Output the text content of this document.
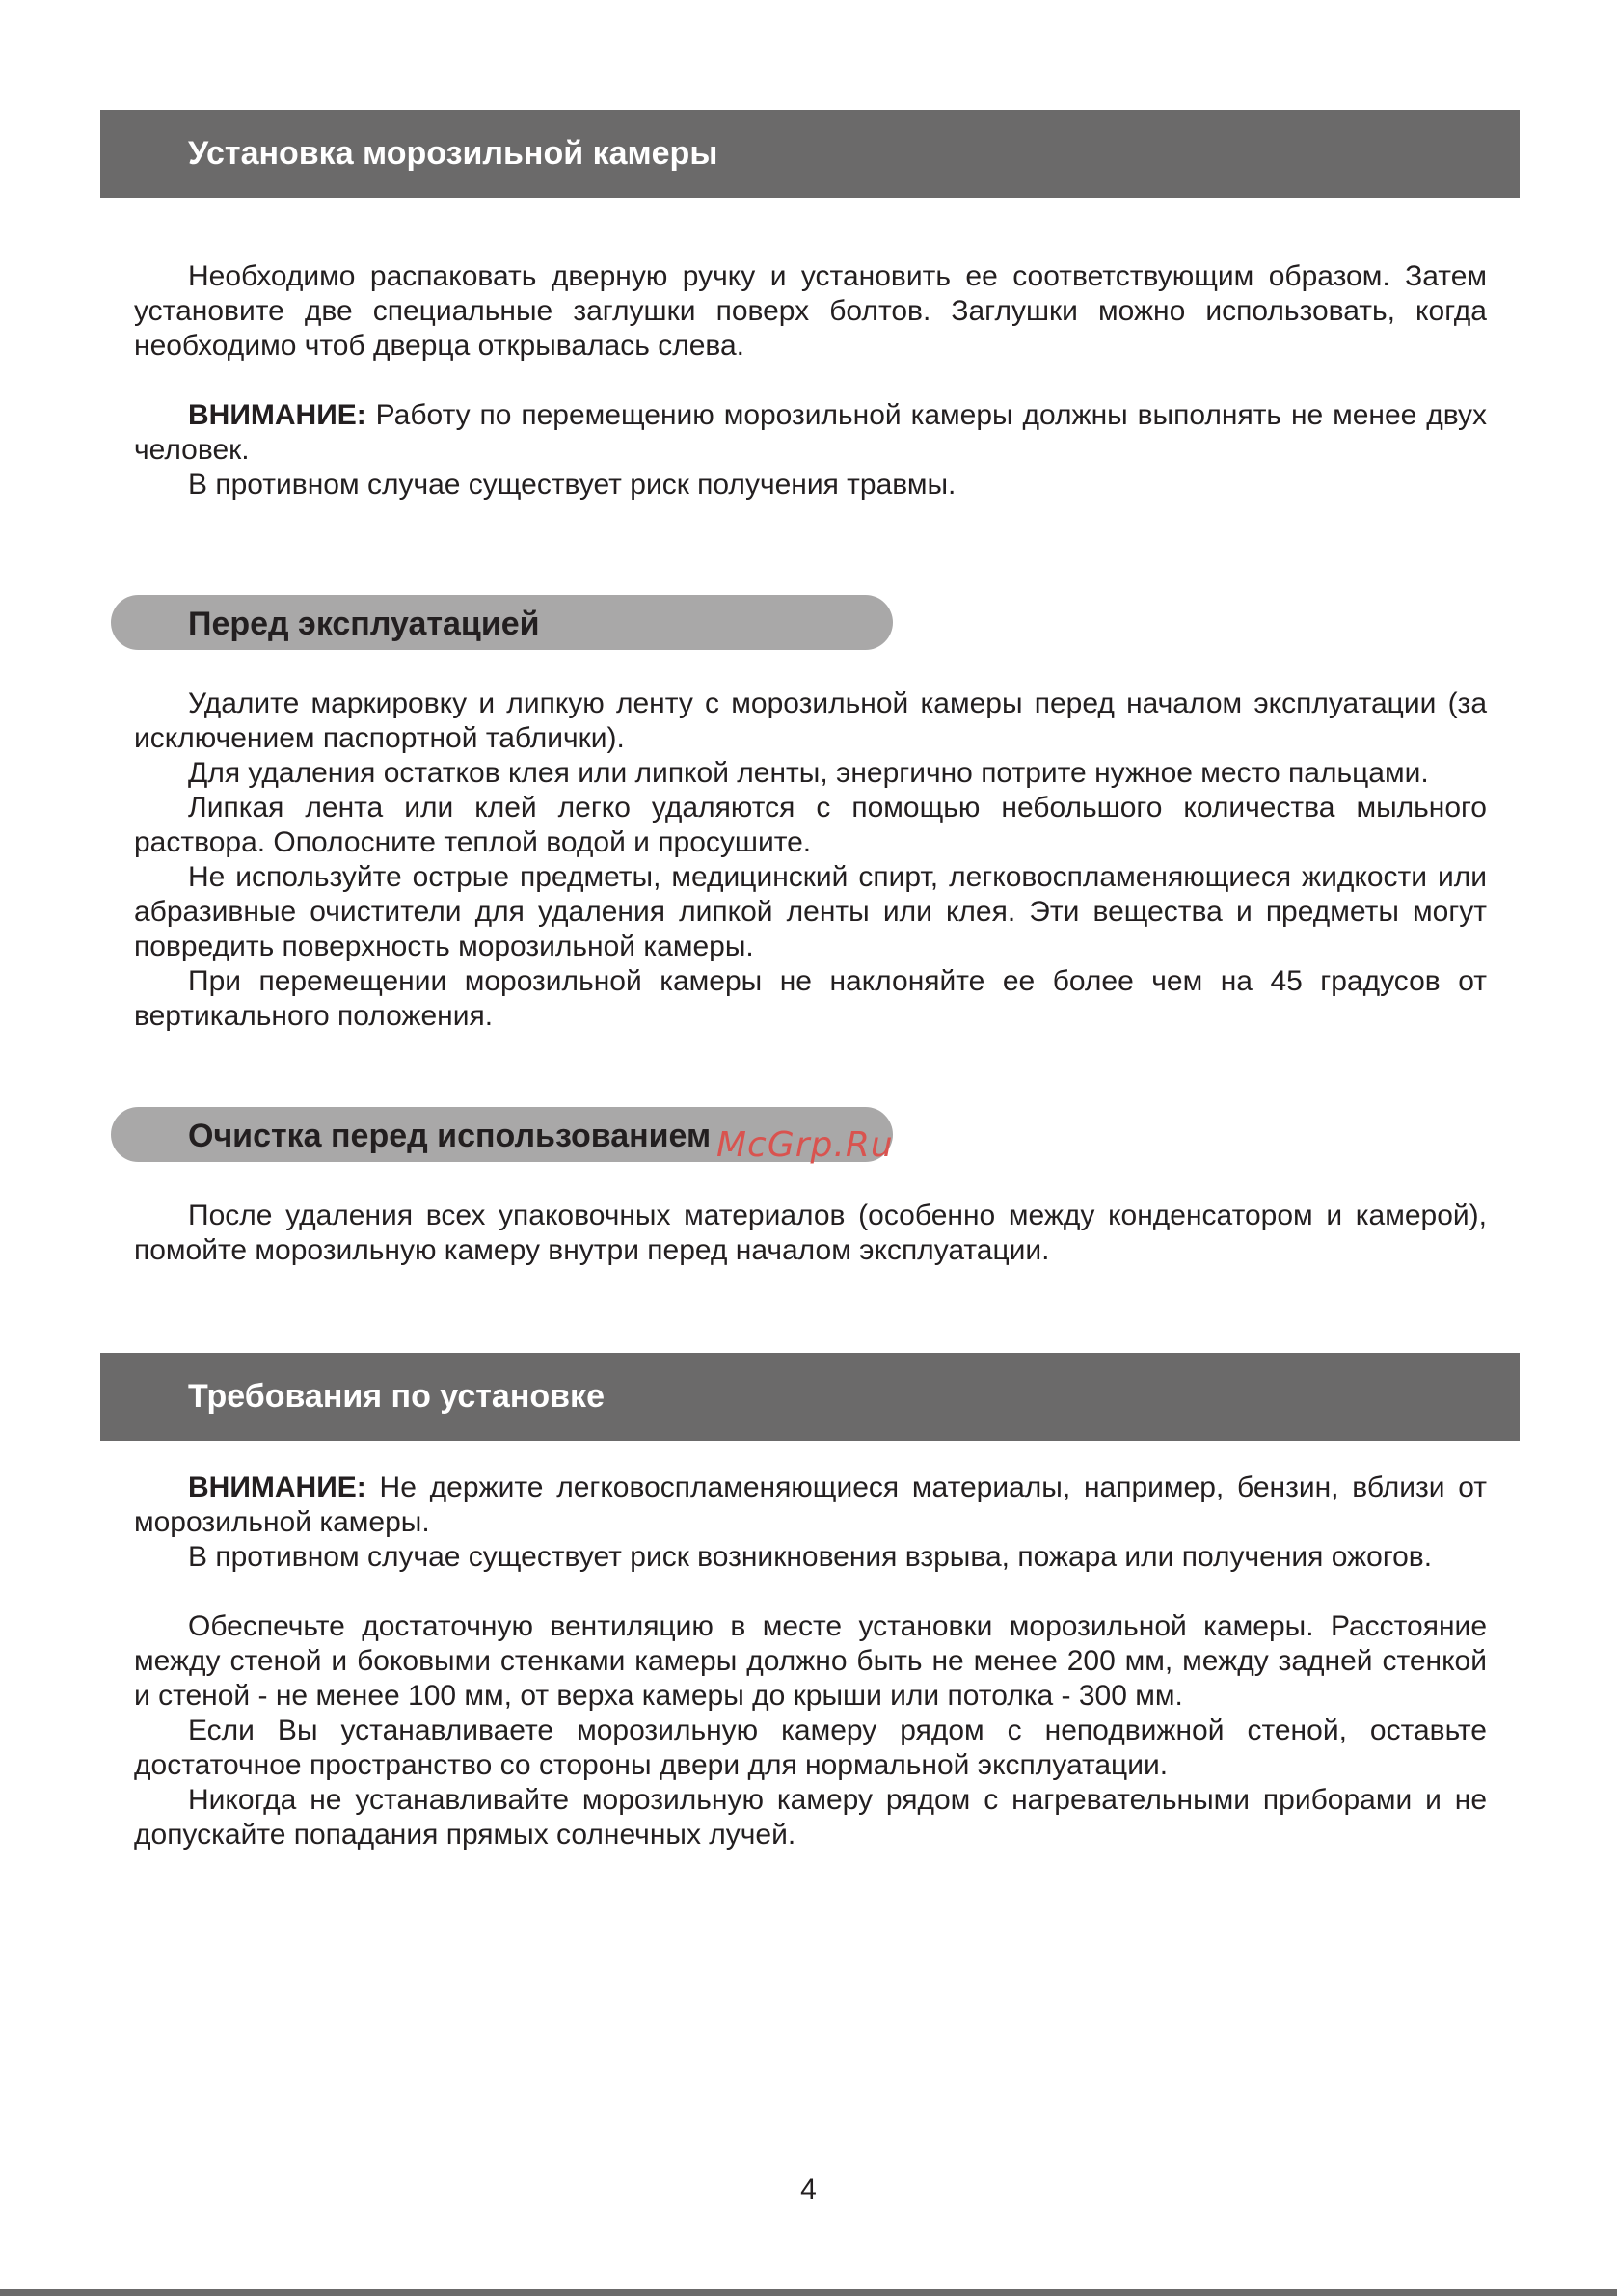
Установка морозильной камеры

Необходимо распаковать дверную ручку и установить ее соответствующим образом. Затем установите две специальные заглушки поверх болтов. Заглушки можно использовать, когда необходимо чтоб дверца открывалась слева.

ВНИМАНИЕ: Работу по перемещению морозильной камеры должны выполнять не менее двух человек.

В противном случае существует риск получения травмы.

Перед эксплуатацией

Удалите маркировку и липкую ленту с морозильной камеры перед началом эксплуатации (за исключением паспортной таблички).

Для удаления остатков клея или липкой ленты, энергично потрите нужное место пальцами.

Липкая лента или клей легко удаляются с помощью небольшого количества мыльного раствора. Ополосните теплой водой и просушите.

Не используйте острые предметы, медицинский спирт, легковоспламеняющиеся жидкости или абразивные очистители для удаления липкой ленты или клея. Эти вещества и предметы могут повредить поверхность морозильной камеры.

При перемещении морозильной камеры не наклоняйте ее более чем на 45 градусов от вертикального положения.

Очистка перед использованием McGrp.Ru

После удаления всех упаковочных материалов (особенно между конденсатором и камерой), помойте морозильную камеру внутри перед началом эксплуатации.

Требования по установке

ВНИМАНИЕ: Не держите легковоспламеняющиеся материалы, например, бензин, вблизи от морозильной камеры.

В противном случае существует риск возникновения взрыва, пожара или получения ожогов.

Обеспечьте достаточную вентиляцию в месте установки морозильной камеры. Расстояние между стеной и боковыми стенками камеры должно быть не менее 200 мм, между задней стенкой и стеной - не менее 100 мм, от верха камеры до крыши или потолка - 300 мм.

Если Вы устанавливаете морозильную камеру рядом с неподвижной стеной, оставьте достаточное пространство со стороны двери для нормальной эксплуатации.

Никогда не устанавливайте морозильную камеру рядом с нагревательными приборами и не допускайте попадания прямых солнечных лучей.

4
